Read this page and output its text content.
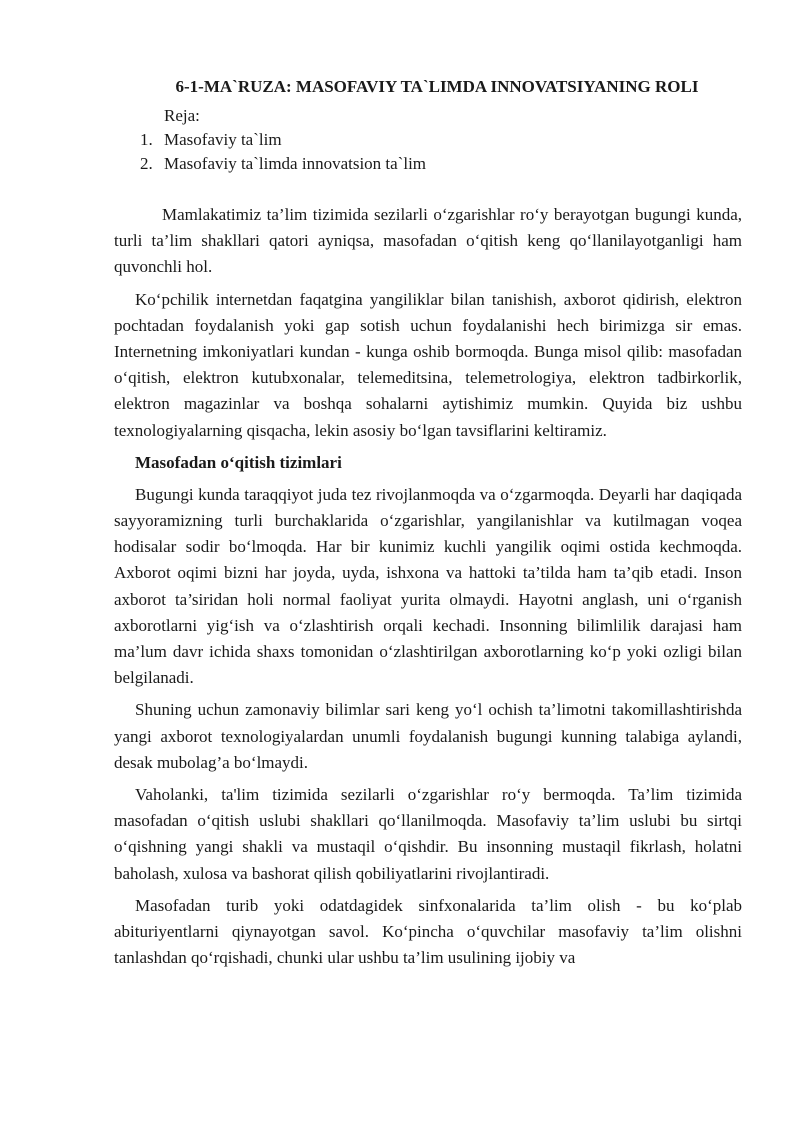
6-1-MA`RUZA: MASOFAVIY TA`LIMDA INNOVATSIYANING ROLI
Reja:
1. Masofaviy ta`lim
2. Masofaviy ta`limda innovatsion ta`lim

Mamlakatimiz ta’lim tizimida sezilarli o‘zgarishlar ro‘y berayotgan bugungi kunda, turli ta’lim shakllari qatori ayniqsa, masofadan o‘qitish keng qo‘llanilayotganligi ham quvonchli hol.

Ko‘pchilik internetdan faqatgina yangiliklar bilan tanishish, axborot qidirish, elektron pochtadan foydalanish yoki gap sotish uchun foydalanishi hech birimizga sir emas. Internetning imkoniyatlari kundan - kunga oshib bormoqda. Bunga misol qilib: masofadan o‘qitish, elektron kutubxonalar, telemeditsina, telemetrologiya, elektron tadbirkorlik, elektron magazinlar va boshqa sohalarni aytishimiz mumkin. Quyida biz ushbu texnologiyalarning qisqacha, lekin asosiy bo‘lgan tavsiflarini keltiramiz.

Masofadan o‘qitish tizimlari

Bugungi kunda taraqqiyot juda tez rivojlanmoqda va o‘zgarmoqda. Deyarli har daqiqada sayyoramizning turli burchaklarida o‘zgarishlar, yangilanishlar va kutilmagan voqea hodisalar sodir bo‘lmoqda. Har bir kunimiz kuchli yangilik oqimi ostida kechmoqda. Axborot oqimi bizni har joyda, uyda, ishxona va hattoki ta’tilda ham ta’qib etadi. Inson axborot ta’siridan holi normal faoliyat yurita olmaydi. Hayotni anglash, uni o‘rganish axborotlarni yig‘ish va o‘zlashtirish orqali kechadi. Insonning bilimlilik darajasi ham ma’lum davr ichida shaxs tomonidan o‘zlashtirilgan axborotlarning ko‘p yoki ozligi bilan belgilanadi.

Shuning uchun zamonaviy bilimlar sari keng yo‘l ochish ta’limotni takomillashtirishda yangi axborot texnologiyalardan unumli foydalanish bugungi kunning talabiga aylandi, desak mubolag’a bo‘lmaydi.

Vaholanki, ta'lim tizimida sezilarli o‘zgarishlar ro‘y bermoqda. Ta’lim tizimida masofadan o‘qitish uslubi shakllari qo‘llanilmoqda. Masofaviy ta’lim uslubi bu sirtqi o‘qishning yangi shakli va mustaqil o‘qishdir. Bu insonning mustaqil fikrlash, holatni baholash, xulosa va bashorat qilish qobiliyatlarini rivojlantiradi.

Masofadan turib yoki odatdagidek sinfxonalarida ta’lim olish - bu ko‘plab abituriyentlarni qiynayotgan savol. Ko‘pincha o‘quvchilar masofaviy ta’lim olishni tanlashdan qo‘rqishadi, chunki ular ushbu ta’lim usulining ijobiy va
